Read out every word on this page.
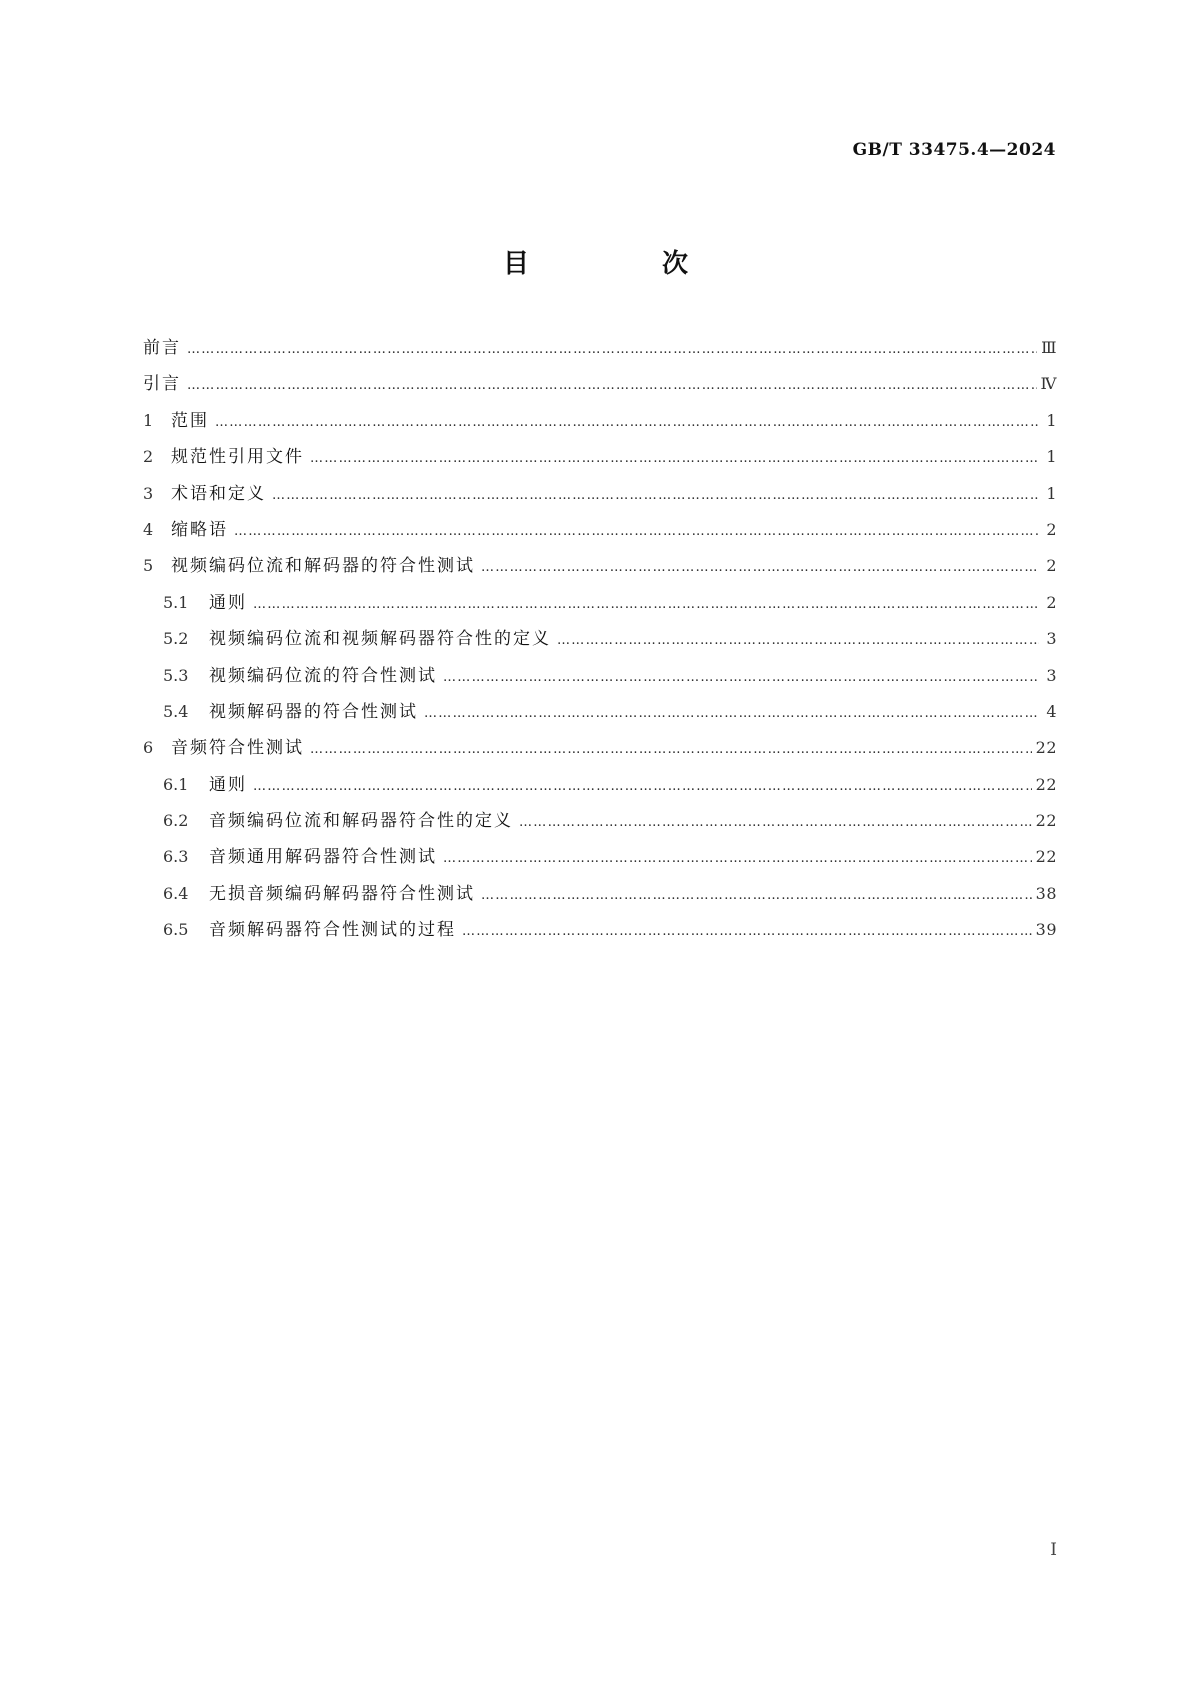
GB/T 33475.4—2024
目 次
前言 …………………………………………………………………………………………………………………………………………………………………………………………………………………………………	Ⅲ
引言 …………………………………………………………………………………………………………………………………………………………………………………………………………………………………	Ⅳ
1	范围 …………………………………………………………………………………………………………………………………………………………………………………………………………………………………	1
2	规范性引用文件 …………………………………………………………………………………………………………………………………………………………………………………………………………………………………	1
3	术语和定义 …………………………………………………………………………………………………………………………………………………………………………………………………………………………………	1
4	缩略语 …………………………………………………………………………………………………………………………………………………………………………………………………………………………………	2
5	视频编码位流和解码器的符合性测试 …………………………………………………………………………………………………………………………………………………………………………………………………………………………………	2
5.1	通则 …………………………………………………………………………………………………………………………………………………………………………………………………………………………………	2
5.2	视频编码位流和视频解码器符合性的定义 …………………………………………………………………………………………………………………………………………………………………………………………………………………………………	3
5.3	视频编码位流的符合性测试 …………………………………………………………………………………………………………………………………………………………………………………………………………………………………	3
5.4	视频解码器的符合性测试 …………………………………………………………………………………………………………………………………………………………………………………………………………………………………	4
6	音频符合性测试 …………………………………………………………………………………………………………………………………………………………………………………………………………………………………	22
6.1	通则 …………………………………………………………………………………………………………………………………………………………………………………………………………………………………	22
6.2	音频编码位流和解码器符合性的定义 …………………………………………………………………………………………………………………………………………………………………………………………………………………………………	22
6.3	音频通用解码器符合性测试 …………………………………………………………………………………………………………………………………………………………………………………………………………………………………	22
6.4	无损音频编码解码器符合性测试 …………………………………………………………………………………………………………………………………………………………………………………………………………………………………	38
6.5	音频解码器符合性测试的过程 …………………………………………………………………………………………………………………………………………………………………………………………………………………………………	39
I
